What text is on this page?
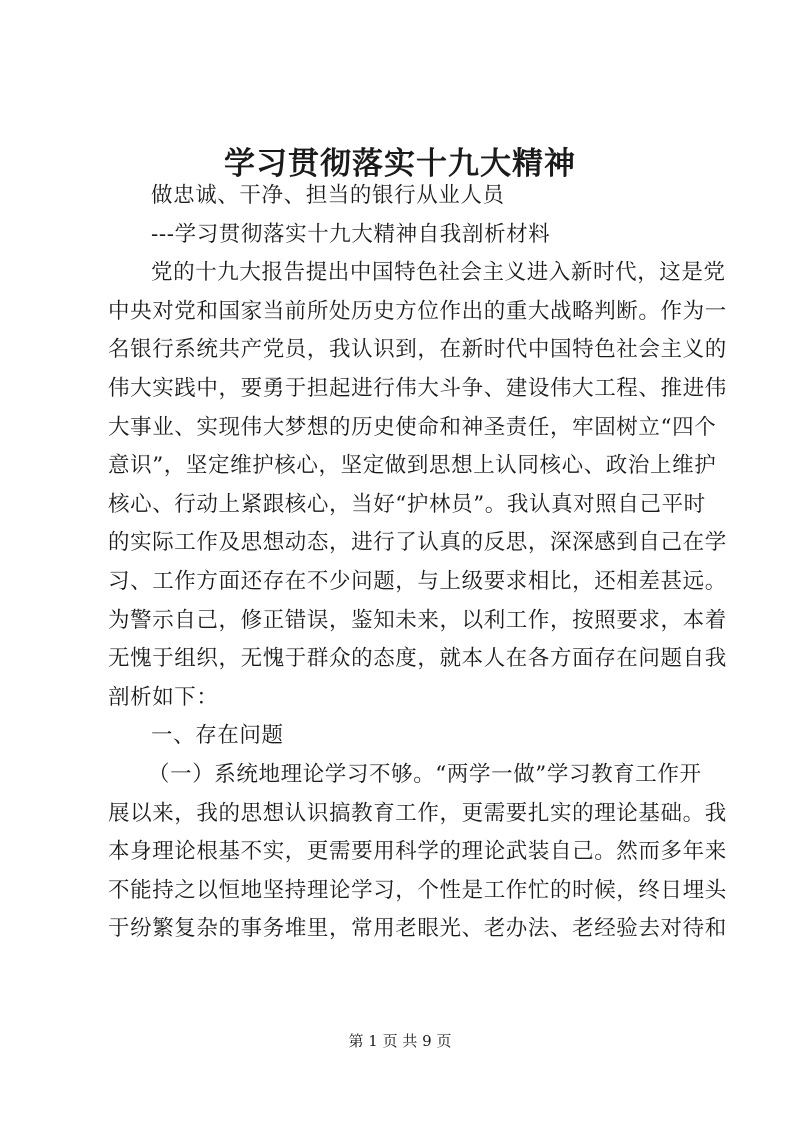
学习贯彻落实十九大精神
做忠诚、干净、担当的银行从业人员
---学习贯彻落实十九大精神自我剖析材料
党的十九大报告提出中国特色社会主义进入新时代，这是党
中央对党和国家当前所处历史方位作出的重大战略判断。作为一
名银行系统共产党员，我认识到，在新时代中国特色社会主义的
伟大实践中，要勇于担起进行伟大斗争、建设伟大工程、推进伟
大事业、实现伟大梦想的历史使命和神圣责任，牢固树立“四个
意识”，坚定维护核心，坚定做到思想上认同核心、政治上维护
核心、行动上紧跟核心，当好“护林员”。我认真对照自己平时
的实际工作及思想动态，进行了认真的反思，深深感到自己在学
习、工作方面还存在不少问题，与上级要求相比，还相差甚远。
为警示自己，修正错误，鉴知未来，以利工作，按照要求，本着
无愧于组织，无愧于群众的态度，就本人在各方面存在问题自我
剖析如下：
一、存在问题
（一）系统地理论学习不够。“两学一做”学习教育工作开
展以来，我的思想认识搞教育工作，更需要扎实的理论基础。我
本身理论根基不实，更需要用科学的理论武装自己。然而多年来
不能持之以恒地坚持理论学习，个性是工作忙的时候，终日埋头
于纷繁复杂的事务堆里，常用老眼光、老办法、老经验去对待和
第 1 页 共 9 页
